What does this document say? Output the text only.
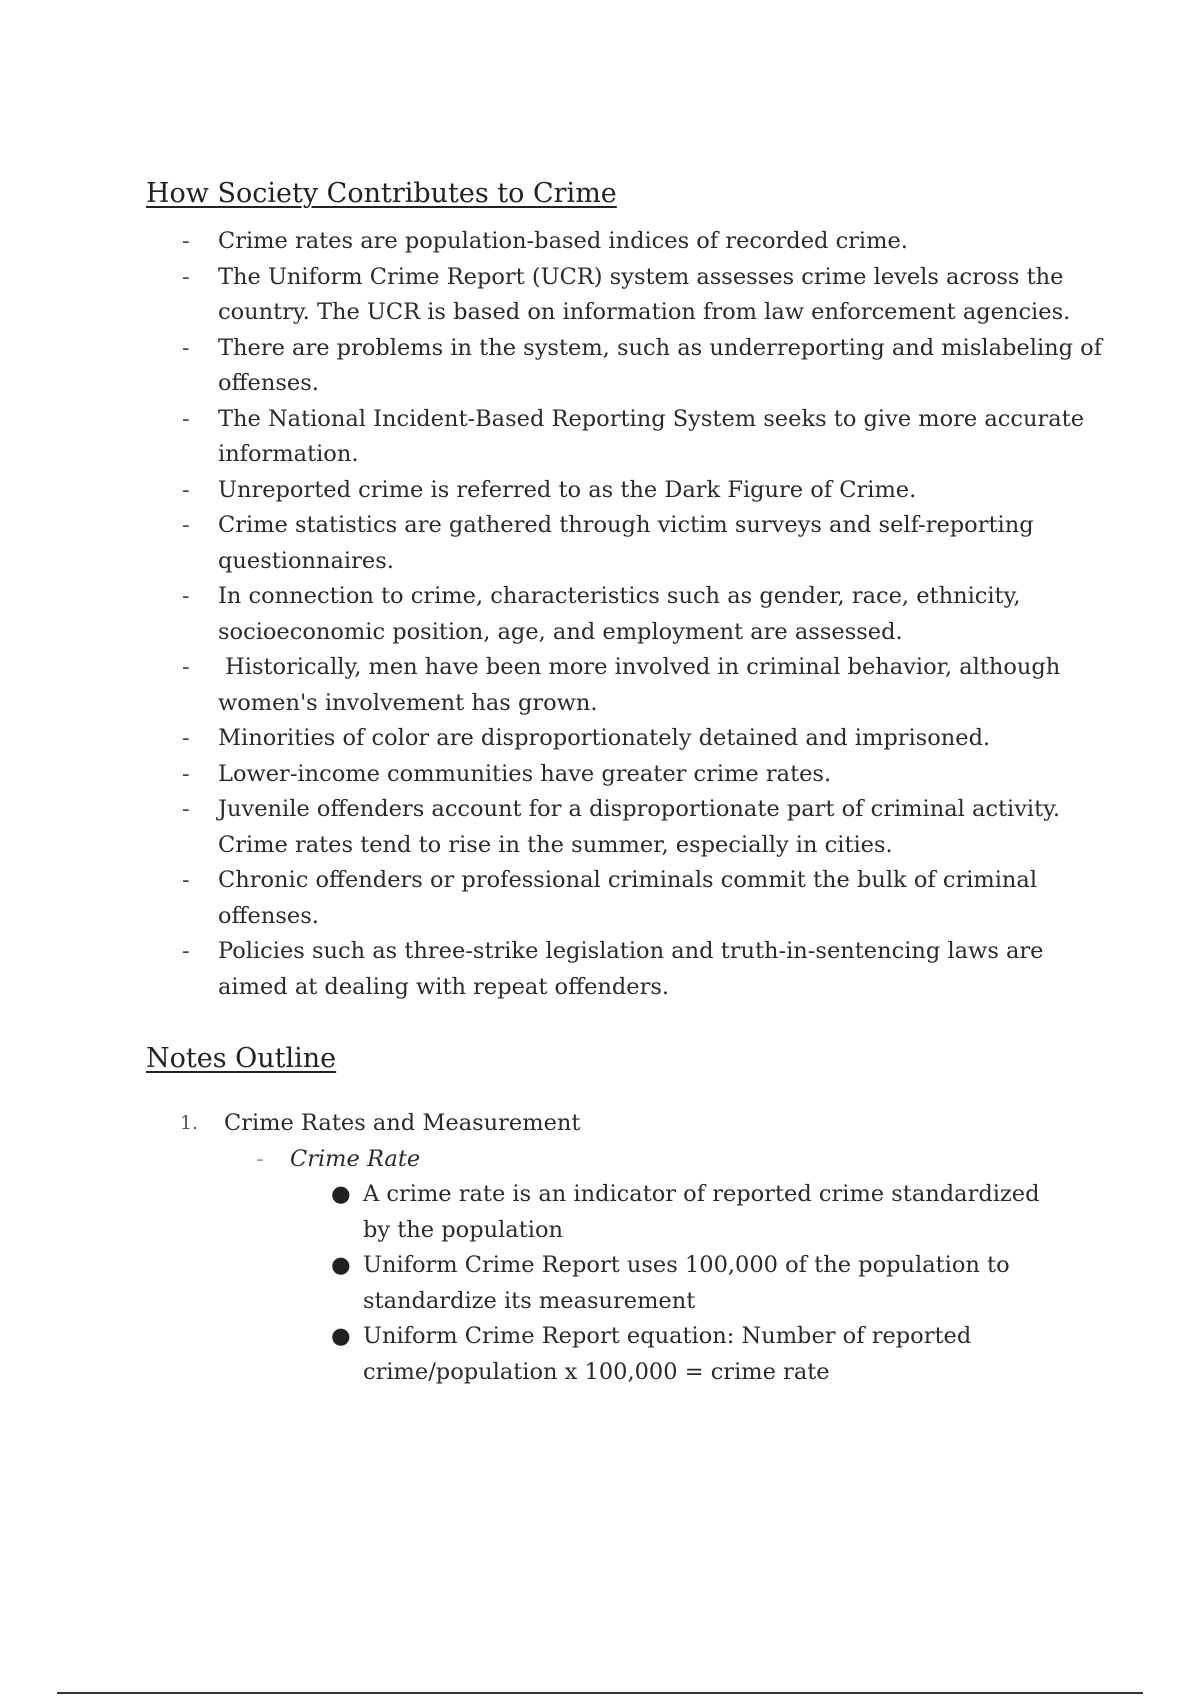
How Society Contributes to Crime
- Crime rates are population-based indices of recorded crime.
- The Uniform Crime Report (UCR) system assesses crime levels across the country. The UCR is based on information from law enforcement agencies.
- There are problems in the system, such as underreporting and mislabeling of offenses.
- The National Incident-Based Reporting System seeks to give more accurate information.
- Unreported crime is referred to as the Dark Figure of Crime.
- Crime statistics are gathered through victim surveys and self-reporting questionnaires.
- In connection to crime, characteristics such as gender, race, ethnicity, socioeconomic position, age, and employment are assessed.
- Historically, men have been more involved in criminal behavior, although women's involvement has grown.
- Minorities of color are disproportionately detained and imprisoned.
- Lower-income communities have greater crime rates.
- Juvenile offenders account for a disproportionate part of criminal activity. Crime rates tend to rise in the summer, especially in cities.
- Chronic offenders or professional criminals commit the bulk of criminal offenses.
- Policies such as three-strike legislation and truth-in-sentencing laws are aimed at dealing with repeat offenders.
Notes Outline
1. Crime Rates and Measurement
- Crime Rate
● A crime rate is an indicator of reported crime standardized by the population
● Uniform Crime Report uses 100,000 of the population to standardize its measurement
● Uniform Crime Report equation: Number of reported crime/population x 100,000 = crime rate
